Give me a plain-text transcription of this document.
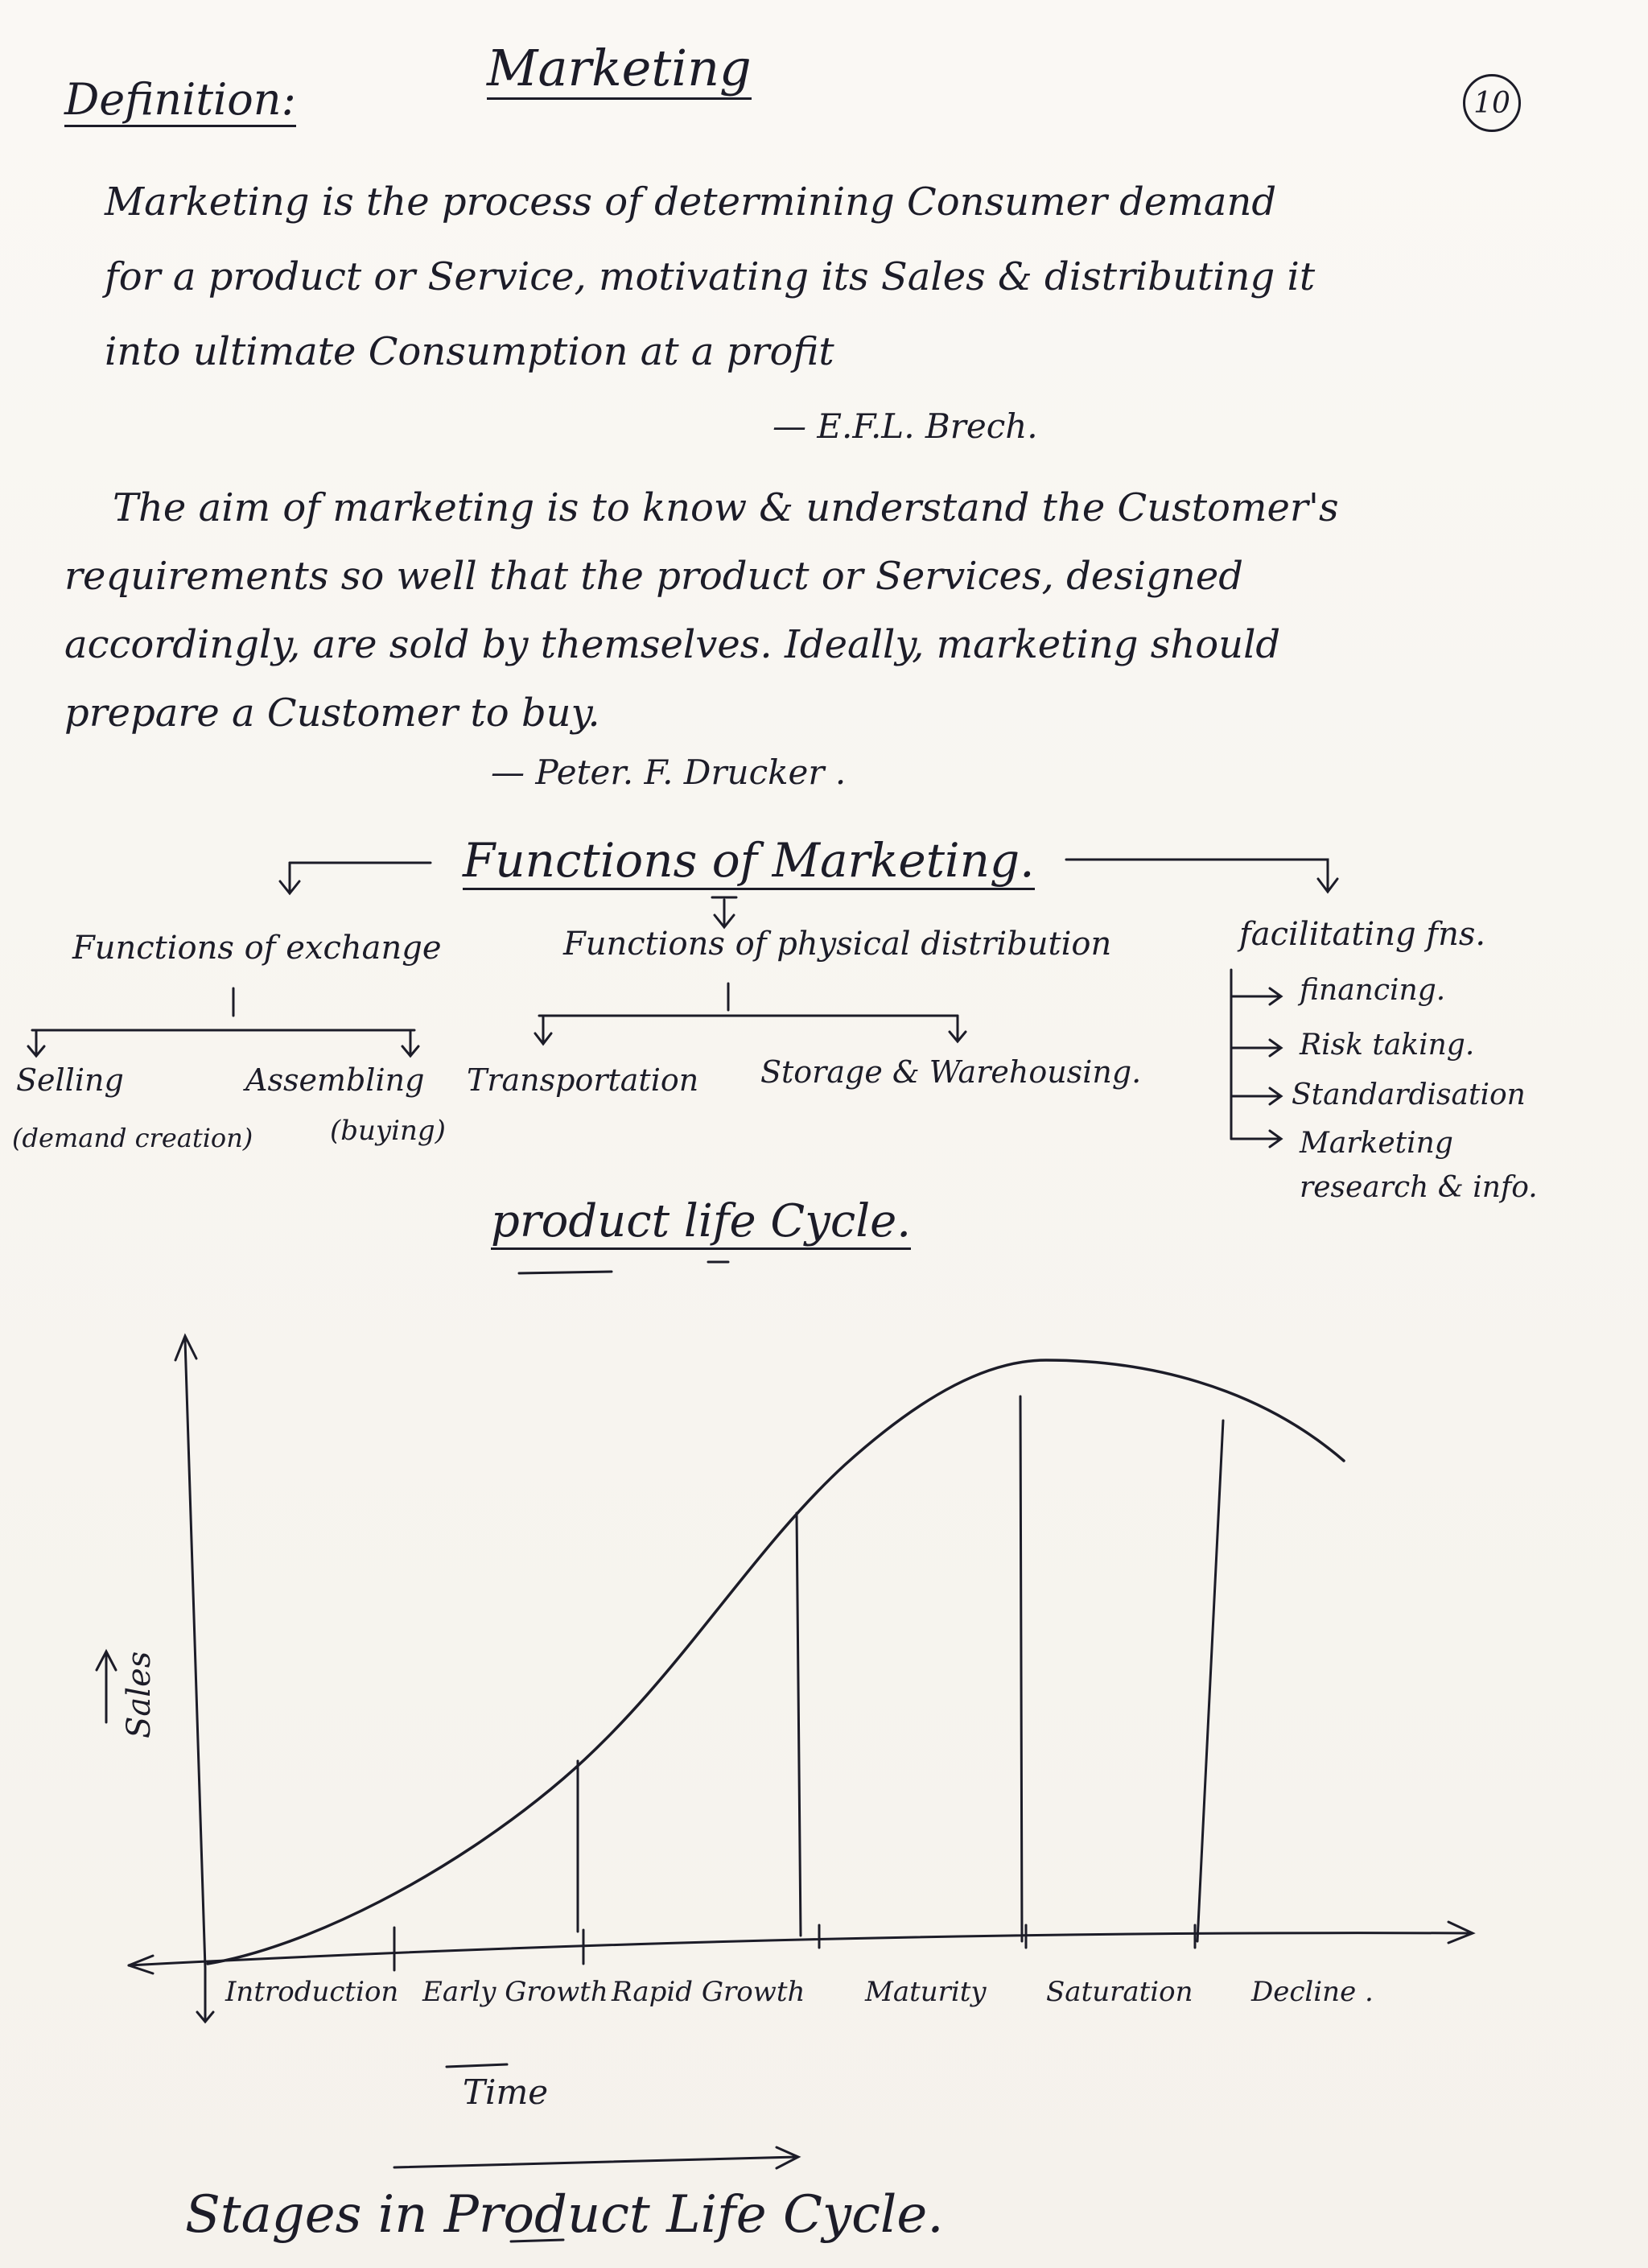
Definition:
Marketing
10
Marketing is the process of determining Consumer demand
for a product or Service, motivating its Sales & distributing it
into ultimate Consumption at a profit
— E.F.L. Brech.
The aim of marketing is to know & understand the Customer's
requirements so well that the product or Services, designed
accordingly, are sold by themselves. Ideally, marketing should
prepare a Customer to buy.
— Peter. F. Drucker .
Functions of Marketing.
Functions of exchange	Functions of physical distribution	facilitating fns.
Selling
(demand creation)
Assembling
(buying)
Transportation Storage & Warehousing.
financing.
Risk taking.
Standardisation
Marketing
research & info.
product life Cycle.
Sales
Introduction Early Growth Rapid Growth Maturity Saturation Decline .
Time
Stages in Product Life Cycle.
